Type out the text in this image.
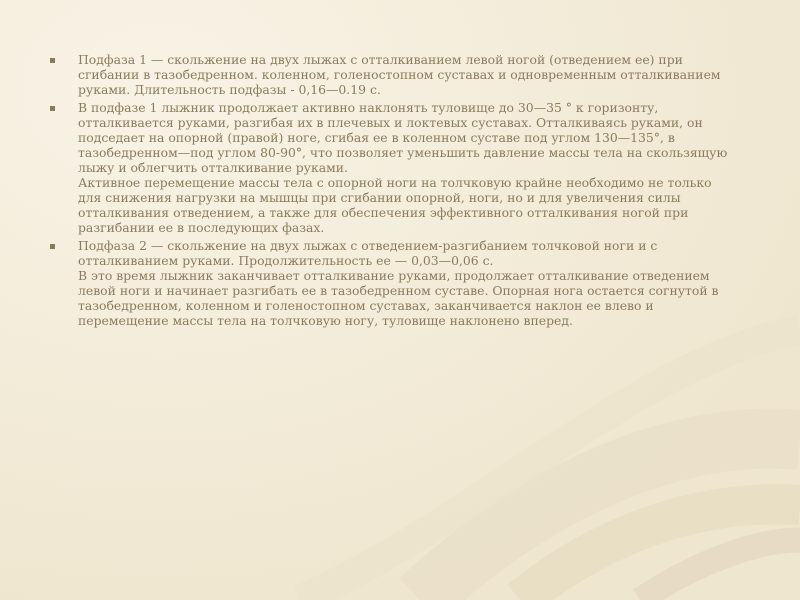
Подфаза 1 — скольжение на двух лыжах с отталкиванием левой ногой (отведением ее) при сгибании в тазобедренном. коленном, голеностопном суставах и одновременным отталкиванием руками. Длительность подфазы - 0,16—0.19 с.

В подфазе 1 лыжник продолжает активно наклонять туловище до 30—35 ° к горизонту, отталкивается руками, разгибая их в плечевых и локтевых суставах. Отталкиваясь руками, он подседает на опорной (правой) ноге, сгибая ее в коленном суставе под углом 130—135°, в тазобедренном—под углом 80-90°, что позволяет уменьшить давление массы тела на скользящую лыжу и облегчить отталкивание руками.

Активное перемещение массы тела с опорной ноги на толчковую крайне необходимо не только для снижения нагрузки на мышцы при сгибании опорной, ноги, но и для увеличения силы отталкивания отведением, а также для обеспечения эффективного отталкивания ногой при разгибании ее в последующих фазах.

Подфаза 2 — скольжение на двух лыжах с отведением-разгибанием толчковой ноги и с отталкиванием руками. Продолжительность ее — 0,03—0,06 с.

В это время лыжник заканчивает отталкивание руками, продолжает отталкивание отведением левой ноги и начинает разгибать ее в тазобедренном суставе. Опорная нога остается согнутой в тазобедренном, коленном и голеностопном суставах, заканчивается наклон ее влево и перемещение массы тела на толчковую ногу, туловище наклонено вперед.
